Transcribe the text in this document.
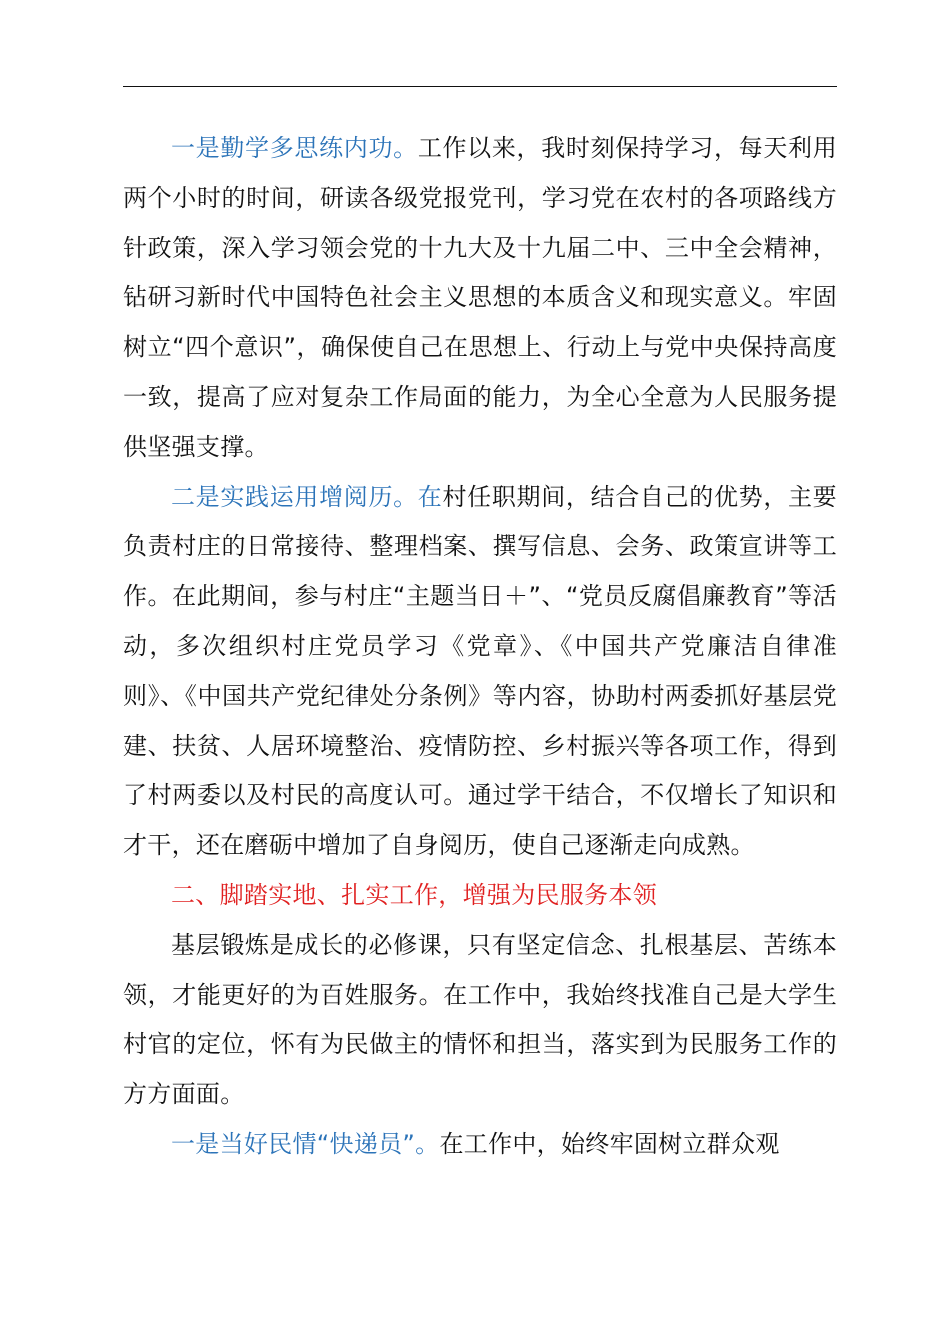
一是勤学多思练内功。工作以来，我时刻保持学习，每天利用两个小时的时间，研读各级党报党刊，学习党在农村的各项路线方针政策，深入学习领会党的十九大及十九届二中、三中全会精神，钻研习新时代中国特色社会主义思想的本质含义和现实意义。牢固树立“四个意识”，确保使自己在思想上、行动上与党中央保持高度一致，提高了应对复杂工作局面的能力，为全心全意为人民服务提供坚强支撑。

二是实践运用增阅历。在村任职期间，结合自己的优势，主要负责村庄的日常接待、整理档案、撰写信息、会务、政策宣讲等工作。在此期间，参与村庄“主题当日＋”、“党员反腐倡廉教育”等活动，多次组织村庄党员学习《党章》、《中国共产党廉洁自律准则》、《中国共产党纪律处分条例》等内容，协助村两委抓好基层党建、扶贫、人居环境整治、疫情防控、乡村振兴等各项工作，得到了村两委以及村民的高度认可。通过学干结合，不仅增长了知识和才干，还在磨砺中增加了自身阅历，使自己逐渐走向成熟。

二、脚踏实地、扎实工作，增强为民服务本领

基层锻炼是成长的必修课，只有坚定信念、扎根基层、苦练本领，才能更好的为百姓服务。在工作中，我始终找准自己是大学生村官的定位，怀有为民做主的情怀和担当，落实到为民服务工作的方方面面。

一是当好民情“快递员”。在工作中，始终牢固树立群众观
